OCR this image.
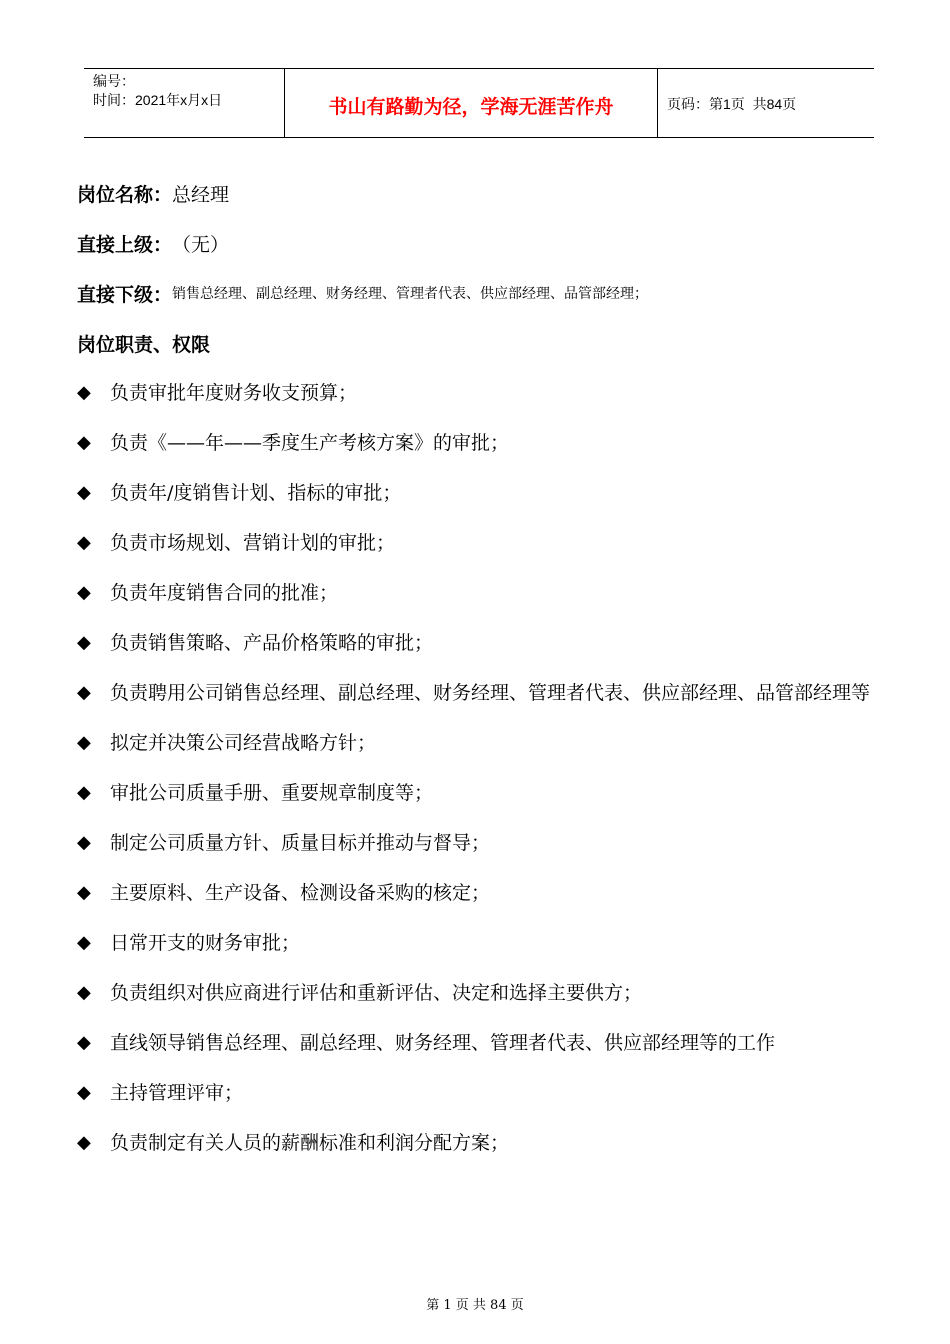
编号：
时间：2021年x月x日	书山有路勤为径，学海无涯苦作舟	页码：第1页  共84页
岗位名称： 总经理
直接上级： （无）
直接下级： 销售总经理、副总经理、财务经理、管理者代表、供应部经理、品管部经理；
岗位职责、权限
◆	负责审批年度财务收支预算；
◆	负责《——年——季度生产考核方案》的审批；
◆	负责年/度销售计划、指标的审批；
◆	负责市场规划、营销计划的审批；
◆	负责年度销售合同的批准；
◆	负责销售策略、产品价格策略的审批；
◆	负责聘用公司销售总经理、副总经理、财务经理、管理者代表、供应部经理、品管部经理等
◆	拟定并决策公司经营战略方针；
◆	审批公司质量手册、重要规章制度等；
◆	制定公司质量方针、质量目标并推动与督导；
◆	主要原料、生产设备、检测设备采购的核定；
◆	日常开支的财务审批；
◆	负责组织对供应商进行评估和重新评估、决定和选择主要供方；
◆	直线领导销售总经理、副总经理、财务经理、管理者代表、供应部经理等的工作
◆	主持管理评审；
◆	负责制定有关人员的薪酬标准和利润分配方案；
第 1 页 共 84 页
